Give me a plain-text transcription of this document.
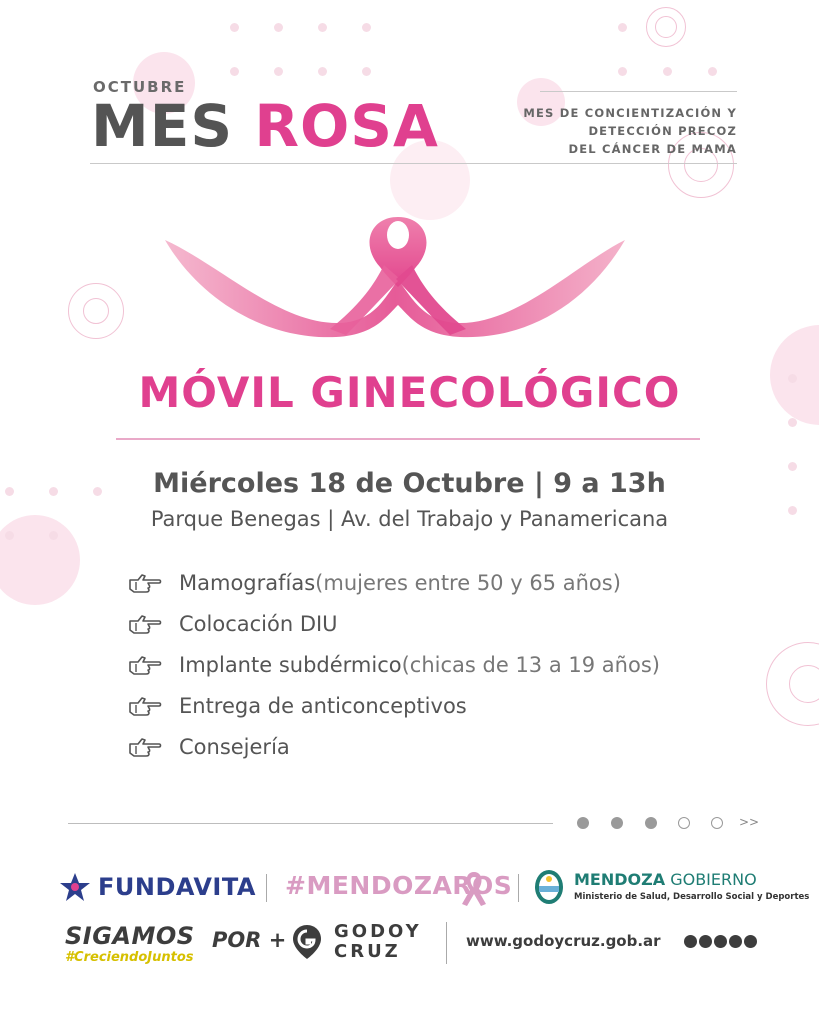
OCTUBRE
MES ROSA	MES DE CONCIENTIZACIÓN Y
DETECCIÓN PRECOZ
DEL CÁNCER DE MAMA
MÓVIL GINECOLÓGICO
Miércoles 18 de Octubre | 9 a 13h
Parque Benegas | Av. del Trabajo y Panamericana
Mamografías (mujeres entre 50 y 65 años)
Colocación DIU
Implante subdérmico (chicas de 13 a 19 años)
Entrega de anticonceptivos
Consejería
>>
FUNDAVITA #MENDOZAROS	MENDOZA GOBIERNO
Ministerio de Salud, Desarrollo Social y Deportes
SIGAMOS
#CreciendoJuntos
POR +	GODOY
CRUZ	www.godoycruz.gob.ar
